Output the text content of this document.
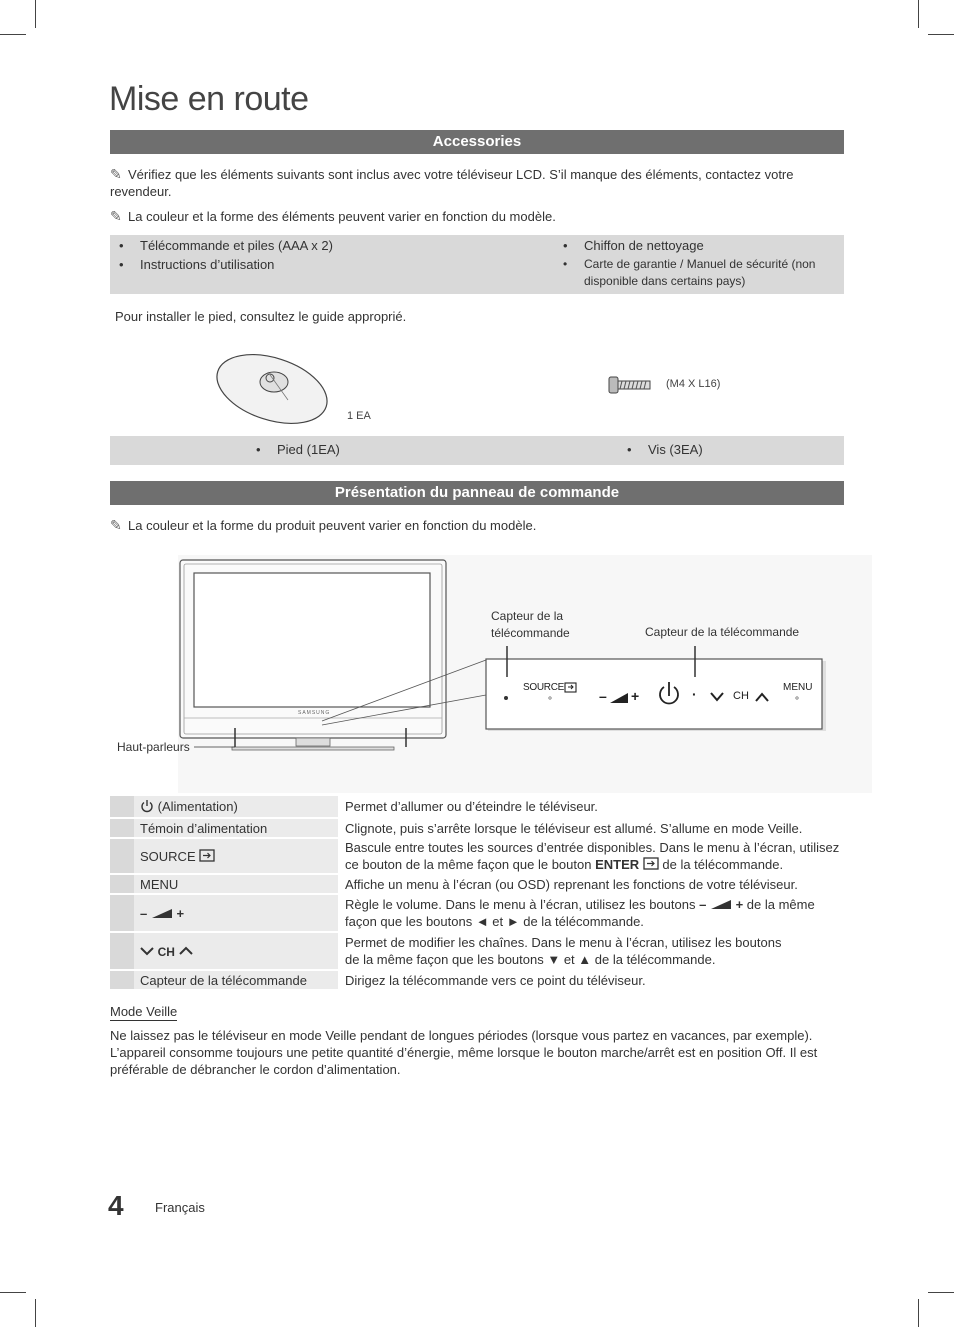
Mise en route
Accessories
✎ Vérifiez que les éléments suivants sont inclus avec votre téléviseur LCD. S’il manque des éléments, contactez votre revendeur.
✎ La couleur et la forme des éléments peuvent varier en fonction du modèle.
• Télécommande et piles (AAA x 2)
• Instructions d’utilisation
• Chiffon de nettoyage
• Carte de garantie / Manuel de sécurité (non disponible dans certains pays)
Pour installer le pied, consultez le guide approprié.
1 EA
(M4 X L16)
• Pied (1EA)	• Vis (3EA)
Présentation du panneau de commande
✎ La couleur et la forme du produit peuvent varier en fonction du modèle.
SAMSUNG
Capteur de la télécommande	Capteur de la télécommande
Haut-parleurs
SOURCE
– +	·	CH
MENU
	(Alimentation)	Permet d’allumer ou d’éteindre le téléviseur.
	Témoin d’alimentation	Clignote, puis s’arrête lorsque le téléviseur est allumé. S’allume en mode Veille.
	SOURCE	Bascule entre toutes les sources d’entrée disponibles. Dans le menu à l’écran, utilisez ce bouton de la même façon que le bouton ENTER  de la télécommande.
	MENU	Affiche un menu à l’écran (ou OSD) reprenant les fonctions de votre téléviseur.
	– +	Règle le volume. Dans le menu à l’écran, utilisez les boutons – + de la même façon que les boutons ◄ et ► de la télécommande.
	CH	Permet de modifier les chaînes. Dans le menu à l’écran, utilisez les boutons de la même façon que les boutons ▼ et ▲ de la télécommande.
	Capteur de la télécommande	Dirigez la télécommande vers ce point du téléviseur.
Mode Veille
Ne laissez pas le téléviseur en mode Veille pendant de longues périodes (lorsque vous partez en vacances, par exemple). L’appareil consomme toujours une petite quantité d’énergie, même lorsque le bouton marche/arrêt est en position Off. Il est préférable de débrancher le cordon d’alimentation.
4 Français
